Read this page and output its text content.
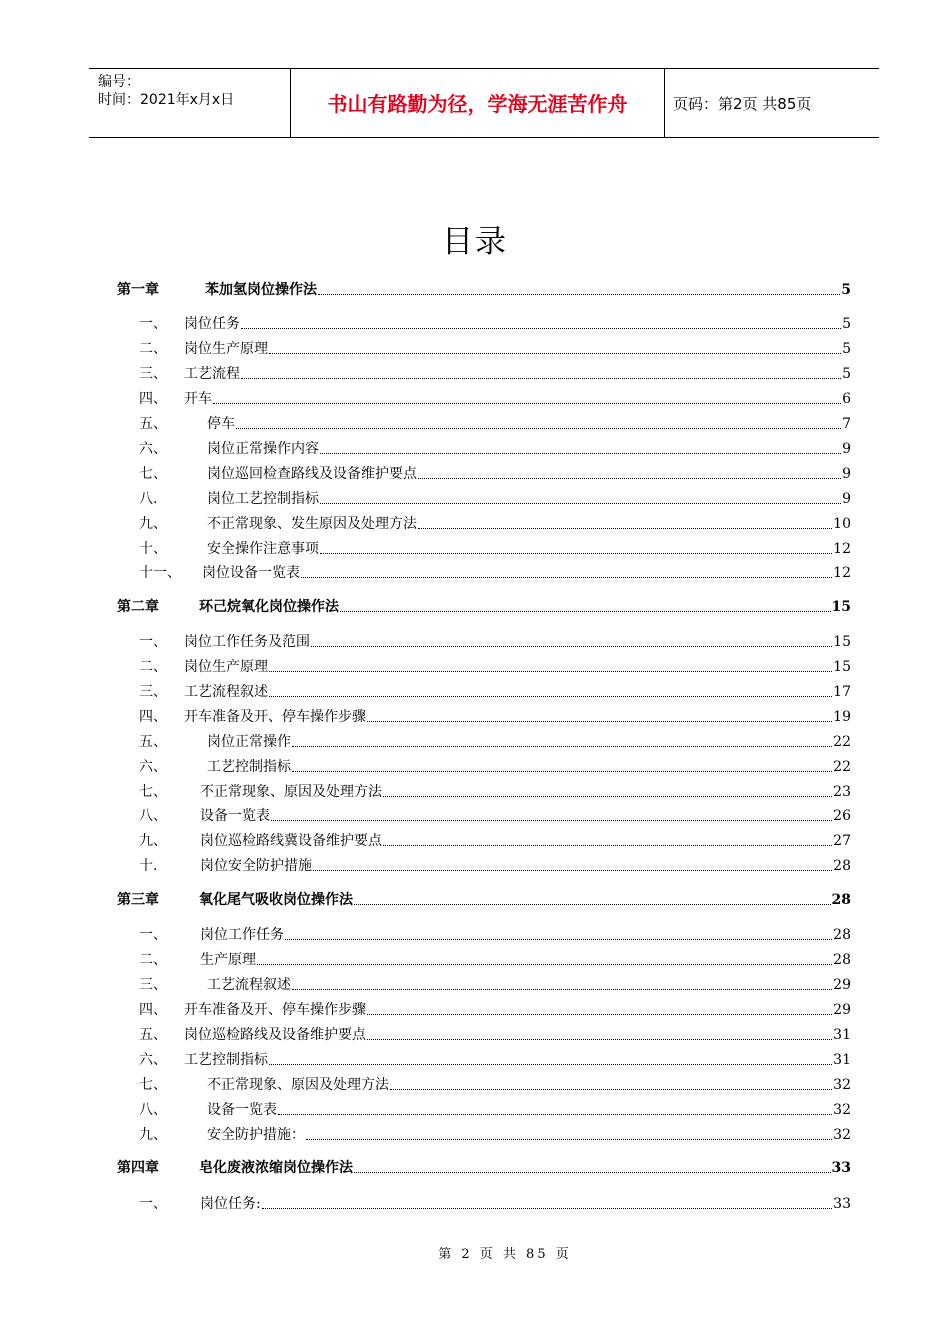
编号：
时间：2021年x月x日	书山有路勤为径，学海无涯苦作舟	页码：第2页 共85页
目录
第一章	苯加氢岗位操作法	5
一、 岗位任务	5
二、 岗位生产原理	5
三、 工艺流程	5
四、 开车	6
五、	停车	7
六、	岗位正常操作内容	9
七、	岗位巡回检查路线及设备维护要点	9
八.	岗位工艺控制指标	9
九、	不正常现象、发生原因及处理方法	10
十、	安全操作注意事项	12
十一、 岗位设备一览表	12
第二章	环己烷氧化岗位操作法	15
一、 岗位工作任务及范围	15
二、 岗位生产原理	15
三、 工艺流程叙述	17
四、 开车准备及开、停车操作步骤	19
五、	岗位正常操作	22
六、	工艺控制指标	22
七、 不正常现象、原因及处理方法	23
八、 设备一览表	26
九、 岗位巡检路线冀设备维护要点	27
十.	岗位安全防护措施	28
第三章	氧化尾气吸收岗位操作法	28
一、 岗位工作任务	28
二、 生产原理	28
三、	工艺流程叙述	29
四、 开车准备及开、停车操作步骤	29
五、 岗位巡检路线及设备维护要点	31
六、 工艺控制指标	31
七、	不正常现象、原因及处理方法	32
八、	设备一览表	32
九、	安全防护措施：	32
第四章	皂化废液浓缩岗位操作法	33
一、 岗位任务:	33
第 2 页 共 85 页
